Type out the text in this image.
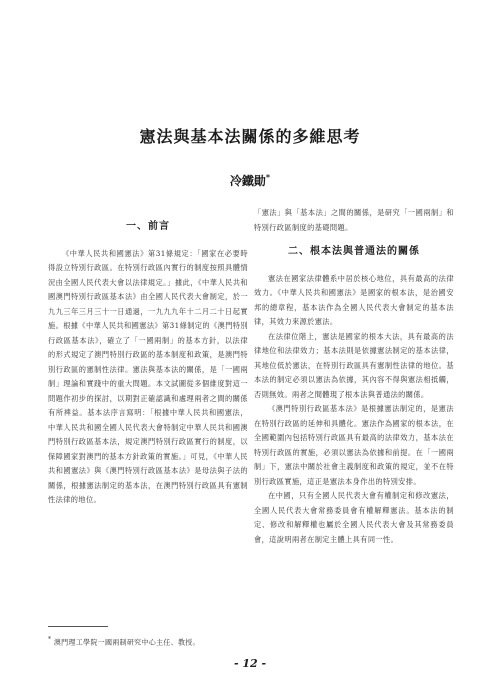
憲法與基本法關係的多維思考
冷鐵勛*
一、前言

《中華人民共和國憲法》第31條規定：「國家在必要時得設立特別行政區。在特別行政區內實行的制度按照具體情況由全國人民代表大會以法律規定。」據此，《中華人民共和國澳門特別行政區基本法》由全國人民代表大會制定，於一九九三年三月三十一日通過，一九九九年十二月二十日起實施。根據《中華人民共和國憲法》第31條制定的《澳門特別行政區基本法》，確立了「一國兩制」的基本方針，以法律的形式規定了澳門特別行政區的基本制度和政策，是澳門特別行政區的憲制性法律。憲法與基本法的關係，是「一國兩制」理論和實踐中的重大問題。本文試圖從多個維度對這一問題作初步的探討，以期對正確認識和處理兩者之間的關係有所裨益。基本法序言寫明：「根據中華人民共和國憲法，中華人民共和國全國人民代表大會特制定中華人民共和國澳門特別行政區基本法，規定澳門特別行政區實行的制度，以保障國家對澳門的基本方針政策的實施。」可見，《中華人民共和國憲法》與《澳門特別行政區基本法》是母法與子法的關係，根據憲法制定的基本法，在澳門特別行政區具有憲制性法律的地位。

「憲法」與「基本法」之間的關係，是研究「一國兩制」和特別行政區制度的基礎問題。

二、根本法與普通法的關係

憲法在國家法律體系中居於核心地位，具有最高的法律效力。《中華人民共和國憲法》是國家的根本法，是治國安邦的總章程，基本法作為全國人民代表大會制定的基本法律，其效力來源於憲法。

在法律位階上，憲法是國家的根本大法，具有最高的法律地位和法律效力；基本法則是依據憲法制定的基本法律，其地位低於憲法，在特別行政區具有憲制性法律的地位。基本法的制定必須以憲法為依據，其內容不得與憲法相抵觸，否則無效。兩者之間體現了根本法與普通法的關係。

《澳門特別行政區基本法》是根據憲法制定的，是憲法在特別行政區的延伸和具體化。憲法作為國家的根本法，在全國範圍內包括特別行政區具有最高的法律效力，基本法在特別行政區的實施，必須以憲法為依據和前提。在「一國兩制」下，憲法中關於社會主義制度和政策的規定，並不在特別行政區實施，這正是憲法本身作出的特別安排。

在中國，只有全國人民代表大會有權制定和修改憲法，全國人民代表大會常務委員會有權解釋憲法。基本法的制定、修改和解釋權也屬於全國人民代表大會及其常務委員會，這說明兩者在制定主體上具有同一性。

* 澳門理工學院一國兩制研究中心主任、教授。
- 12 -
